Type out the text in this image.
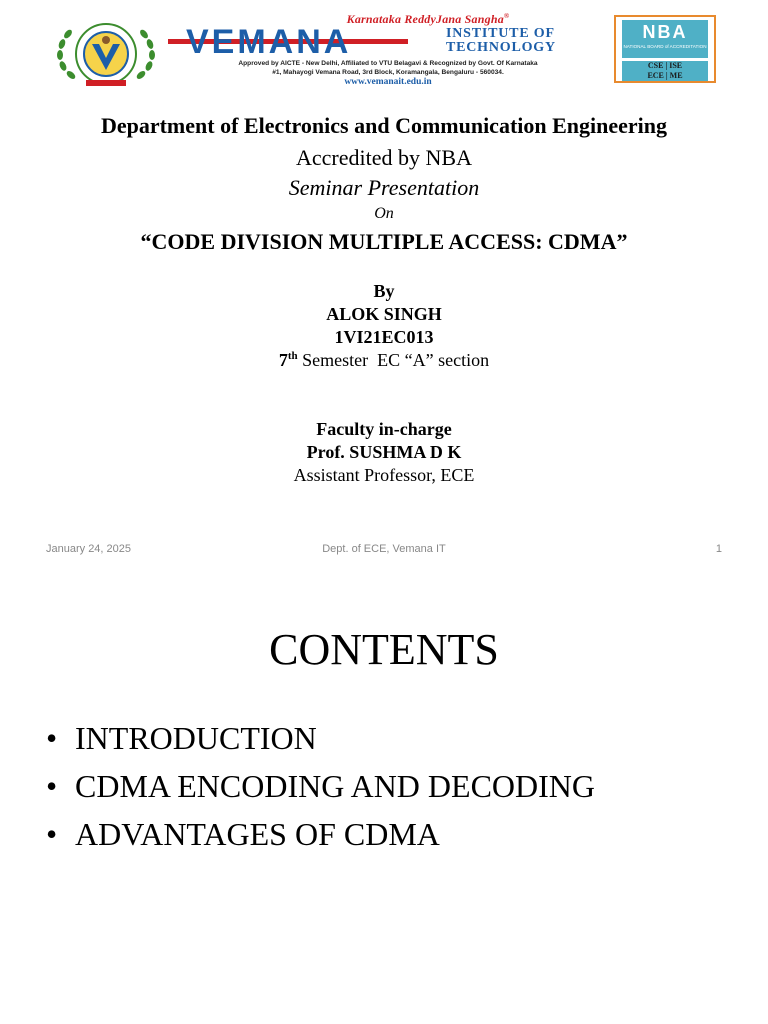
Karnataka ReddyJana Sangha®
VEMANA	INSTITUTE OF
TECHNOLOGY
Approved by AICTE - New Delhi, Affiliated to VTU Belagavi & Recognized by Govt. Of Karnataka
#1, Mahayogi Vemana Road, 3rd Block, Koramangala, Bengaluru - 560034.
www.vemanait.edu.in
NBA
NATIONAL BOARD of ACCREDITATION
CSE | ISE
ECE | ME
Department of Electronics and Communication Engineering
Accredited by NBA
Seminar Presentation
On
“CODE DIVISION MULTIPLE ACCESS: CDMA”
By
ALOK SINGH
1VI21EC013
7th Semester  EC “A” section
Faculty in-charge
Prof. SUSHMA D K
Assistant Professor, ECE
January 24, 2025	Dept. of ECE, Vemana IT	1
CONTENTS
• INTRODUCTION
• CDMA ENCODING AND DECODING
• ADVANTAGES OF CDMA
